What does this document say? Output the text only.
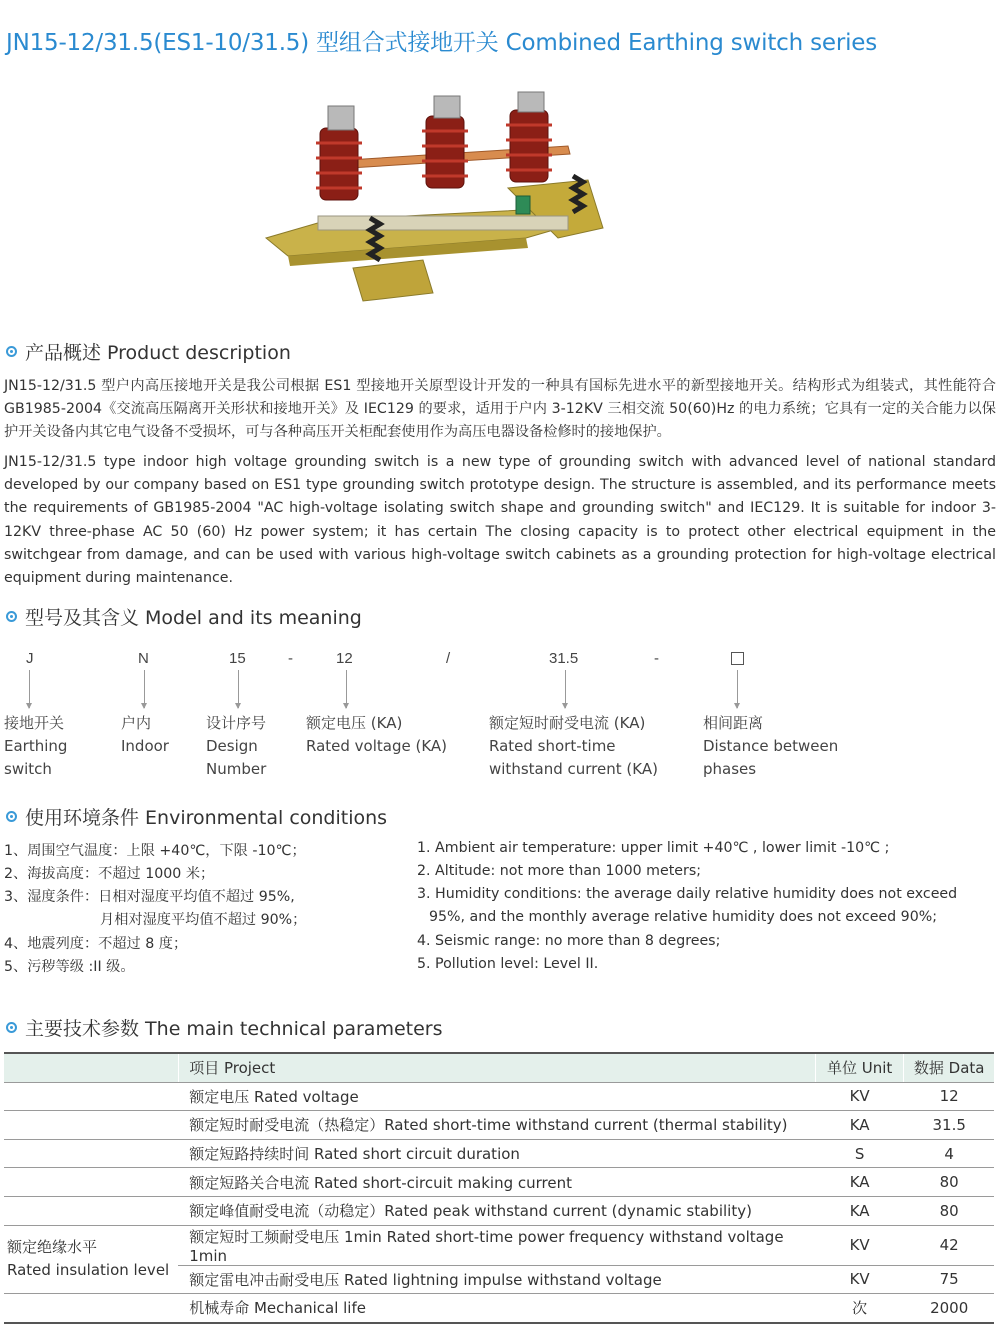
JN15-12/31.5(ES1-10/31.5) 型组合式接地开关 Combined Earthing switch series
产品概述 Product description

JN15-12/31.5 型户内高压接地开关是我公司根据 ES1 型接地开关原型设计开发的一种具有国标先进水平的新型接地开关。结构形式为组装式，其性能符合 GB1985-2004《交流高压隔离开关形状和接地开关》及 IEC129 的要求，适用于户内 3-12KV 三相交流 50(60)Hz 的电力系统；它具有一定的关合能力以保护开关设备内其它电气设备不受损坏，可与各种高压开关柜配套使用作为高压电器设备检修时的接地保护。

JN15-12/31.5 type indoor high voltage grounding switch is a new type of grounding switch with advanced level of national standard developed by our company based on ES1 type grounding switch prototype design. The structure is assembled, and its performance meets the requirements of GB1985-2004 "AC high-voltage isolating switch shape and grounding switch" and IEC129. It is suitable for indoor 3-12KV three-phase AC 50 (60) Hz power system; it has certain The closing capacity is to protect other electrical equipment in the switchgear from damage, and can be used with various high-voltage switch cabinets as a grounding protection for high-voltage electrical equipment during maintenance.

型号及其含义 Model and its meaning
J	N	15	-	12	/	31.5	-
接地开关
Earthing switch
户内
Indoor
设计序号
Design Number
额定电压 (KA)
Rated voltage (KA)
额定短时耐受电流 (KA)
Rated short-time withstand current (KA)
相间距离
Distance between phases
使用环境条件 Environmental conditions
1、周围空气温度：上限 +40℃，下限 -10℃；
2、海拔高度：不超过 1000 米；
3、湿度条件：日相对湿度平均值不超过 95%,
月相对湿度平均值不超过 90%；
4、地震列度：不超过 8 度；
5、污秽等级 :II 级。
1. Ambient air temperature: upper limit +40℃ , lower limit -10℃ ;
2. Altitude: not more than 1000 meters;
3. Humidity conditions: the average daily relative humidity does not exceed
95%, and the monthly average relative humidity does not exceed 90%;
4. Seismic range: no more than 8 degrees;
5. Pollution level: Level II.
主要技术参数 The main technical parameters
	项目 Project	单位 Unit	数据 Data
	额定电压 Rated voltage	KV	12
	额定短时耐受电流（热稳定）Rated short-time withstand current (thermal stability)	KA	31.5
	额定短路持续时间 Rated short circuit duration	S	4
	额定短路关合电流 Rated short-circuit making current	KA	80
	额定峰值耐受电流（动稳定）Rated peak withstand current (dynamic stability)	KA	80
额定绝缘水平
Rated insulation level	额定短时工频耐受电压 1min Rated short-time power frequency withstand voltage 1min	KV	42
	额定雷电冲击耐受电压 Rated lightning impulse withstand voltage	KV	75
	机械寿命 Mechanical life	次	2000
